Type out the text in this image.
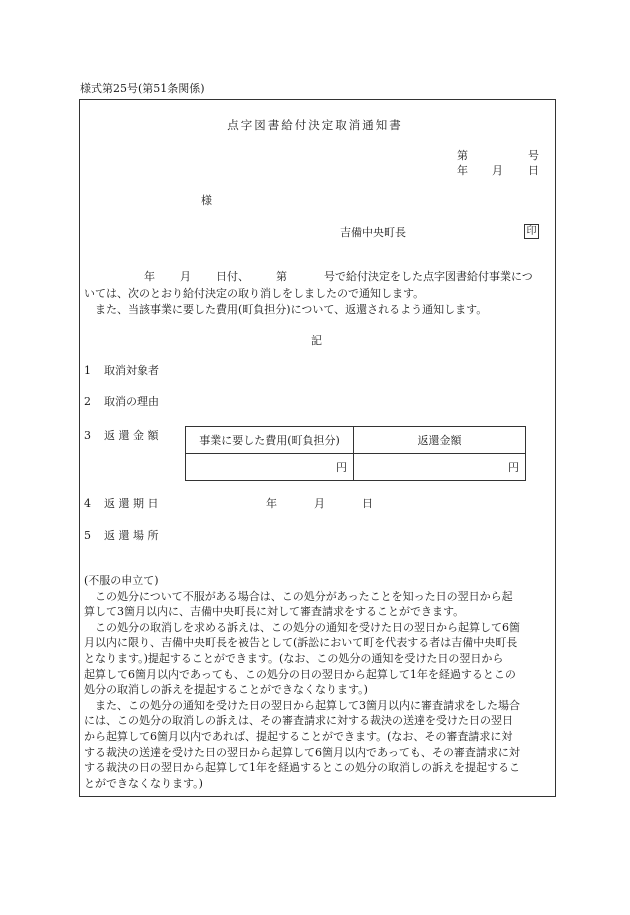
様式第25号(第51条関係)
点字図書給付決定取消通知書
第	号
年 月 日
様
吉備中央町長	印
年 月 日付、 第	号で給付決定をした点字図書給付事業につ
いては、次のとおり給付決定の取り消しをしましたので通知します。
　また、当該事業に要した費用(町負担分)について、返還されるよう通知します。
記
1 取消対象者
2 取消の理由
3 返 還 金 額	事業に要した費用(町負担分)	返還金額
円	円
4 返 還 期 日	年	月	日
5 返 還 場 所

(不服の申立て)

　この処分について不服がある場合は、この処分があったことを知った日の翌日から起

算して3箇月以内に、吉備中央町長に対して審査請求をすることができます。

　この処分の取消しを求める訴えは、この処分の通知を受けた日の翌日から起算して6箇

月以内に限り、吉備中央町長を被告として(訴訟において町を代表する者は吉備中央町長

となります。)提起することができます。(なお、この処分の通知を受けた日の翌日から

起算して6箇月以内であっても、この処分の日の翌日から起算して1年を経過するとこの

処分の取消しの訴えを提起することができなくなります。)

　また、この処分の通知を受けた日の翌日から起算して3箇月以内に審査請求をした場合

には、この処分の取消しの訴えは、その審査請求に対する裁決の送達を受けた日の翌日

から起算して6箇月以内であれば、提起することができます。(なお、その審査請求に対

する裁決の送達を受けた日の翌日から起算して6箇月以内であっても、その審査請求に対

する裁決の日の翌日から起算して1年を経過するとこの処分の取消しの訴えを提起するこ

とができなくなります。)
